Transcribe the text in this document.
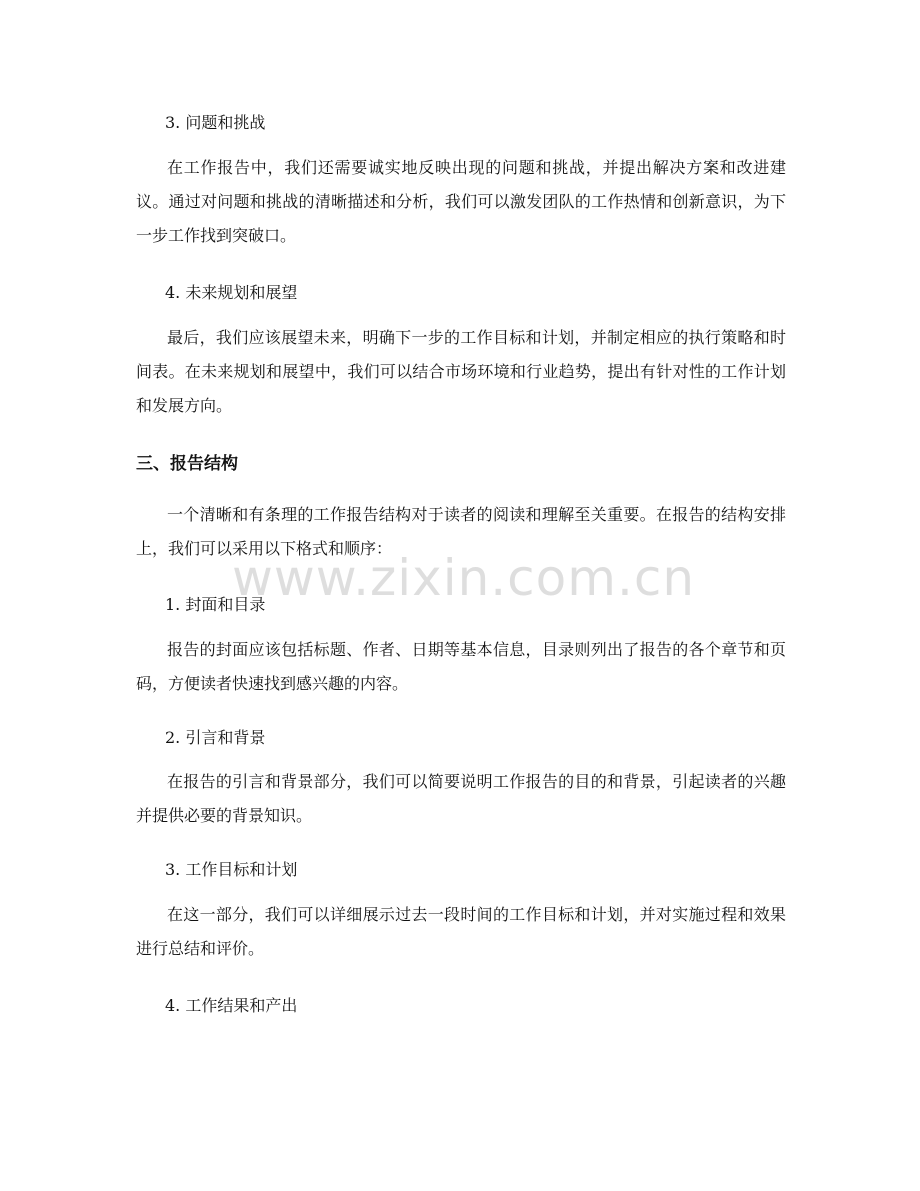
3. 问题和挑战

在工作报告中，我们还需要诚实地反映出现的问题和挑战，并提出解决方案和改进建议。通过对问题和挑战的清晰描述和分析，我们可以激发团队的工作热情和创新意识，为下一步工作找到突破口。

4. 未来规划和展望

最后，我们应该展望未来，明确下一步的工作目标和计划，并制定相应的执行策略和时间表。在未来规划和展望中，我们可以结合市场环境和行业趋势，提出有针对性的工作计划和发展方向。

三、报告结构

一个清晰和有条理的工作报告结构对于读者的阅读和理解至关重要。在报告的结构安排上，我们可以采用以下格式和顺序：

1. 封面和目录

报告的封面应该包括标题、作者、日期等基本信息，目录则列出了报告的各个章节和页码，方便读者快速找到感兴趣的内容。

2. 引言和背景

在报告的引言和背景部分，我们可以简要说明工作报告的目的和背景，引起读者的兴趣并提供必要的背景知识。

3. 工作目标和计划

在这一部分，我们可以详细展示过去一段时间的工作目标和计划，并对实施过程和效果进行总结和评价。

4. 工作结果和产出

www.zixin.com.cn
